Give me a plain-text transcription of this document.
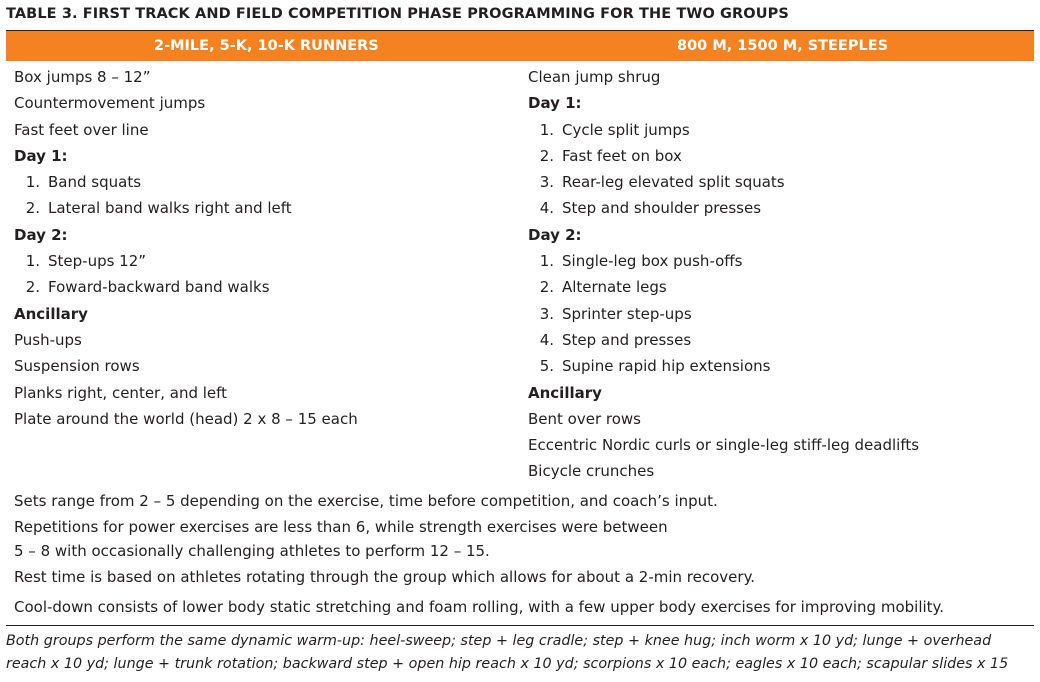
TABLE 3. FIRST TRACK AND FIELD COMPETITION PHASE PROGRAMMING FOR THE TWO GROUPS
2-MILE, 5-K, 10-K RUNNERS	800 M, 1500 M, STEEPLES
Box jumps 8 – 12”
Countermovement jumps
Fast feet over line
Day 1:
1. Band squats
2. Lateral band walks right and left
Day 2:
1. Step-ups 12”
2. Foward-backward band walks
Ancillary
Push-ups
Suspension rows
Planks right, center, and left
Plate around the world (head) 2 x 8 – 15 each
Clean jump shrug
Day 1:
1. Cycle split jumps
2. Fast feet on box
3. Rear-leg elevated split squats
4. Step and shoulder presses
Day 2:
1. Single-leg box push-offs
2. Alternate legs
3. Sprinter step-ups
4. Step and presses
5. Supine rapid hip extensions
Ancillary
Bent over rows
Eccentric Nordic curls or single-leg stiff-leg deadlifts
Bicycle crunches
Sets range from 2 – 5 depending on the exercise, time before competition, and coach’s input.
Repetitions for power exercises are less than 6, while strength exercises were between
5 – 8 with occasionally challenging athletes to perform 12 – 15.
Rest time is based on athletes rotating through the group which allows for about a 2-min recovery.
Cool-down consists of lower body static stretching and foam rolling, with a few upper body exercises for improving mobility.
Both groups perform the same dynamic warm-up: heel-sweep; step + leg cradle; step + knee hug; inch worm x 10 yd; lunge + overhead
reach x 10 yd; lunge + trunk rotation; backward step + open hip reach x 10 yd; scorpions x 10 each; eagles x 10 each; scapular slides x 15
